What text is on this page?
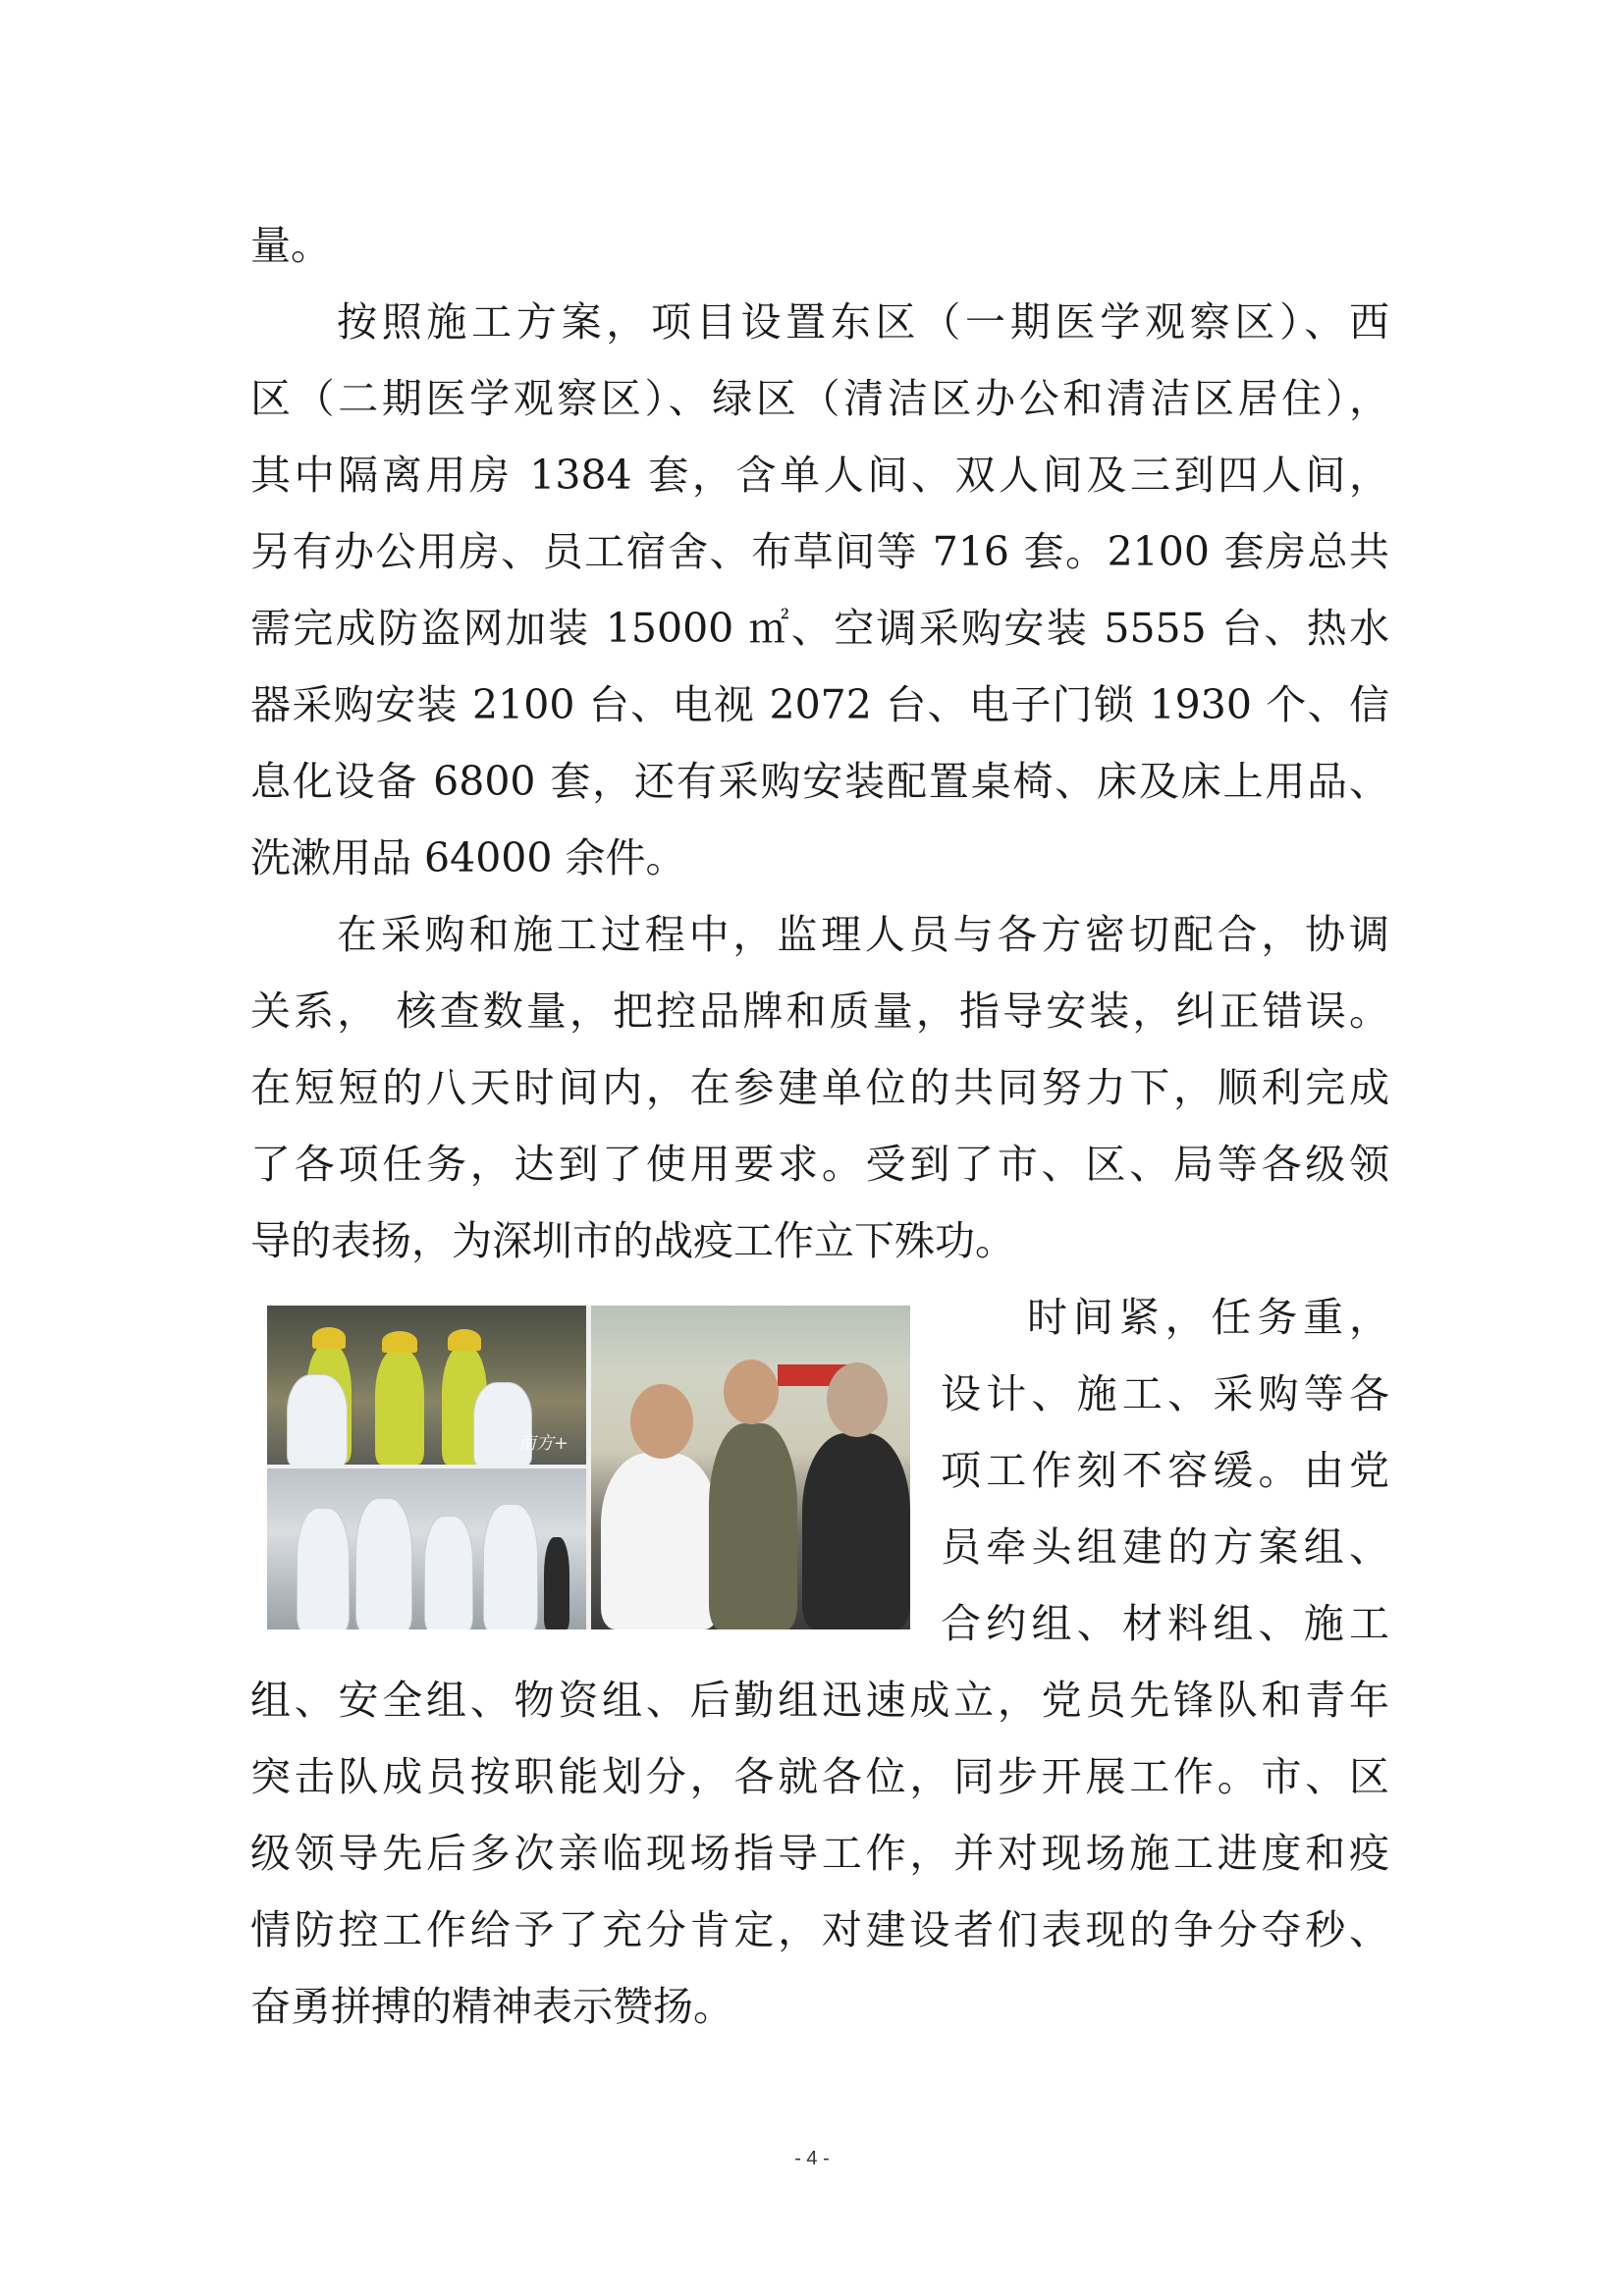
量。
按照施工方案，项目设置东区（一期医学观察区）、西
区（二期医学观察区）、绿区（清洁区办公和清洁区居住），
其中隔离用房 1384 套，含单人间、双人间及三到四人间，
另有办公用房、员工宿舍、布草间等 716 套。2100 套房总共
需完成防盗网加装 15000 ㎡、空调采购安装 5555 台、热水
器采购安装 2100 台、电视 2072 台、电子门锁 1930 个、信
息化设备 6800 套，还有采购安装配置桌椅、床及床上用品、
洗漱用品 64000 余件。
在采购和施工过程中，监理人员与各方密切配合，协调
关系， 核查数量，把控品牌和质量，指导安装，纠正错误。
在短短的八天时间内，在参建单位的共同努力下，顺利完成
了各项任务，达到了使用要求。受到了市、区、局等各级领
导的表扬，为深圳市的战疫工作立下殊功。
南方+
时间紧，任务重，
设计、施工、采购等各
项工作刻不容缓。由党
员牵头组建的方案组、
合约组、材料组、施工
组、安全组、物资组、后勤组迅速成立，党员先锋队和青年
突击队成员按职能划分，各就各位，同步开展工作。市、区
级领导先后多次亲临现场指导工作，并对现场施工进度和疫
情防控工作给予了充分肯定，对建设者们表现的争分夺秒、
奋勇拼搏的精神表示赞扬。
- 4 -
